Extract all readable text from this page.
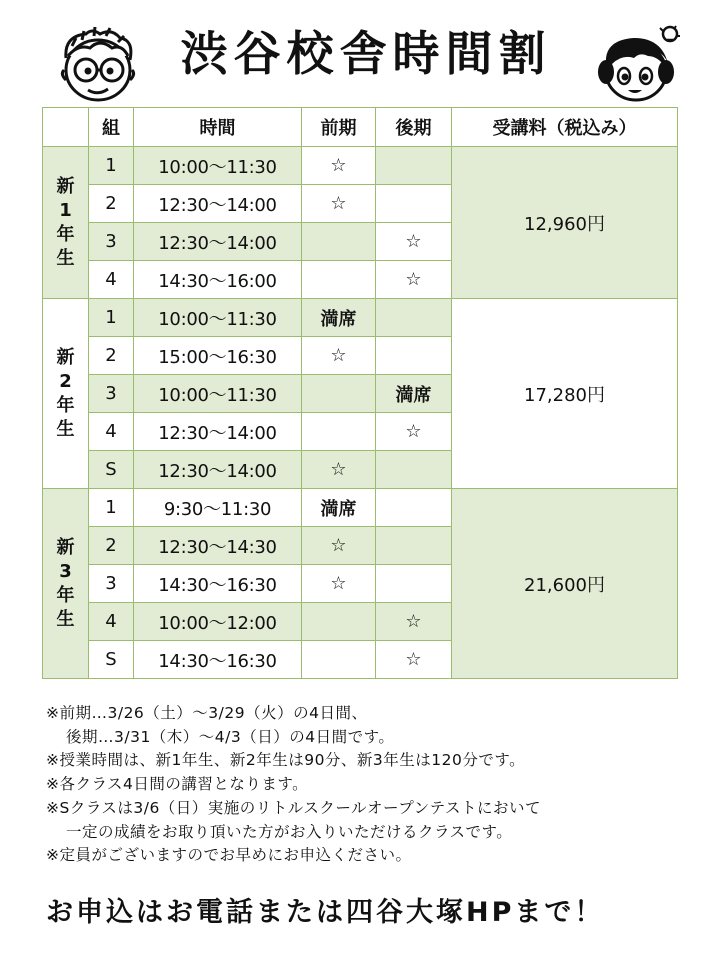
渋谷校舎時間割
	組	時間	前期	後期	受講料（税込み）

新
1
年
生	1	10:00～11:30	☆		12,960円
	2	12:30～14:00	☆		
	3	12:30～14:00		☆	
	4	14:30～16:00		☆	

新
2
年
生	1	10:00～11:30	満席		17,280円
	2	15:00～16:30	☆		
	3	10:00～11:30		満席	
	4	12:30～14:00		☆	
	S	12:30～14:00	☆		

新
3
年
生	1	9:30～11:30	満席		21,600円
	2	12:30～14:30	☆		
	3	14:30～16:30	☆		
	4	10:00～12:00		☆	
	S	14:30～16:30		☆	
※前期…3/26（土）～3/29（火）の4日間、
後期…3/31（木）～4/3（日）の4日間です。
※授業時間は、新1年生、新2年生は90分、新3年生は120分です。
※各クラス4日間の講習となります。
※Sクラスは3/6（日）実施のリトルスクールオープンテストにおいて
一定の成績をお取り頂いた方がお入りいただけるクラスです。
※定員がございますのでお早めにお申込ください。
お申込はお電話または四谷大塚HPまで！
